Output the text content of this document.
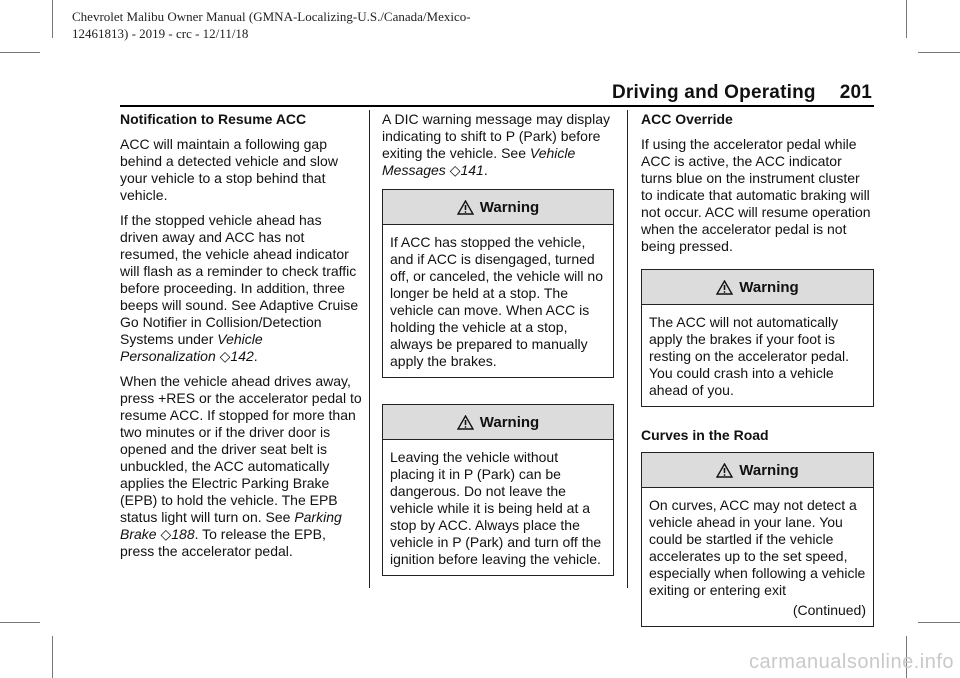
Chevrolet Malibu Owner Manual (GMNA-Localizing-U.S./Canada/Mexico-
12461813) - 2019 - crc - 12/11/18
Driving and Operating 201
Notification to Resume ACC

ACC will maintain a following gap behind a detected vehicle and slow your vehicle to a stop behind that vehicle.

If the stopped vehicle ahead has driven away and ACC has not resumed, the vehicle ahead indicator will flash as a reminder to check traffic before proceeding. In addition, three beeps will sound. See Adaptive Cruise Go Notifier in Collision/Detection Systems under Vehicle Personalization ◇142.

When the vehicle ahead drives away, press +RES or the accelerator pedal to resume ACC. If stopped for more than two minutes or if the driver door is opened and the driver seat belt is unbuckled, the ACC automatically applies the Electric Parking Brake (EPB) to hold the vehicle. The EPB status light will turn on. See Parking Brake ◇188. To release the EPB, press the accelerator pedal.

A DIC warning message may display indicating to shift to P (Park) before exiting the vehicle. See Vehicle Messages ◇141.

Warning
If ACC has stopped the vehicle, and if ACC is disengaged, turned off, or canceled, the vehicle will no longer be held at a stop. The vehicle can move. When ACC is holding the vehicle at a stop, always be prepared to manually apply the brakes.
Warning
Leaving the vehicle without placing it in P (Park) can be dangerous. Do not leave the vehicle while it is being held at a stop by ACC. Always place the vehicle in P (Park) and turn off the ignition before leaving the vehicle.
ACC Override

If using the accelerator pedal while ACC is active, the ACC indicator turns blue on the instrument cluster to indicate that automatic braking will not occur. ACC will resume operation when the accelerator pedal is not being pressed.

Warning
The ACC will not automatically apply the brakes if your foot is resting on the accelerator pedal. You could crash into a vehicle ahead of you.
Curves in the Road
Warning
On curves, ACC may not detect a vehicle ahead in your lane. You could be startled if the vehicle accelerates up to the set speed, especially when following a vehicle exiting or entering exit
(Continued)
carmanualsonline.info
